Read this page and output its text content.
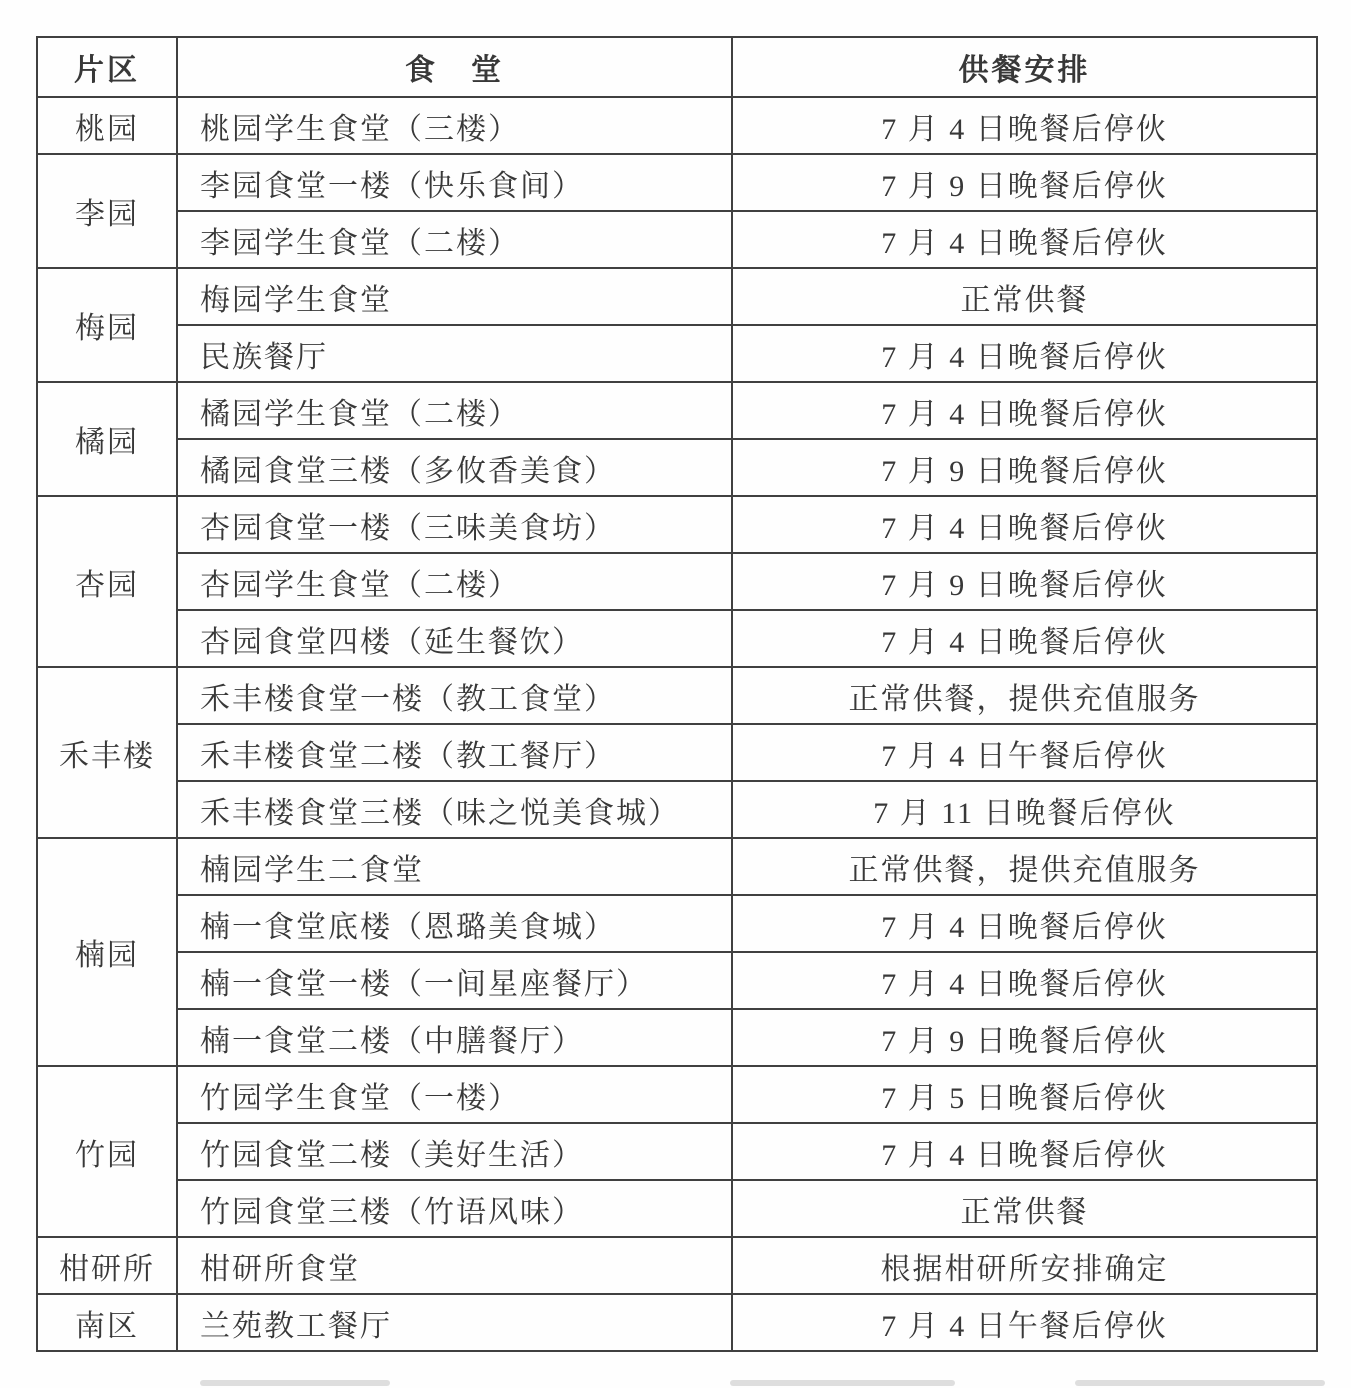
片区	食　堂	供餐安排
桃园	桃园学生食堂（三楼）	7 月 4 日晚餐后停伙
李园	李园食堂一楼（快乐食间）	7 月 9 日晚餐后停伙
	李园学生食堂（二楼）	7 月 4 日晚餐后停伙
梅园	梅园学生食堂	正常供餐
	民族餐厅	7 月 4 日晚餐后停伙
橘园	橘园学生食堂（二楼）	7 月 4 日晚餐后停伙
	橘园食堂三楼（多攸香美食）	7 月 9 日晚餐后停伙
杏园	杏园食堂一楼（三味美食坊）	7 月 4 日晚餐后停伙
	杏园学生食堂（二楼）	7 月 9 日晚餐后停伙
	杏园食堂四楼（延生餐饮）	7 月 4 日晚餐后停伙
禾丰楼	禾丰楼食堂一楼（教工食堂）	正常供餐，提供充值服务
	禾丰楼食堂二楼（教工餐厅）	7 月 4 日午餐后停伙
	禾丰楼食堂三楼（味之悦美食城）	7 月 11 日晚餐后停伙
楠园	楠园学生二食堂	正常供餐，提供充值服务
	楠一食堂底楼（恩璐美食城）	7 月 4 日晚餐后停伙
	楠一食堂一楼（一间星座餐厅）	7 月 4 日晚餐后停伙
	楠一食堂二楼（中膳餐厅）	7 月 9 日晚餐后停伙
竹园	竹园学生食堂（一楼）	7 月 5 日晚餐后停伙
	竹园食堂二楼（美好生活）	7 月 4 日晚餐后停伙
	竹园食堂三楼（竹语风味）	正常供餐
柑研所	柑研所食堂	根据柑研所安排确定
南区	兰苑教工餐厅	7 月 4 日午餐后停伙
